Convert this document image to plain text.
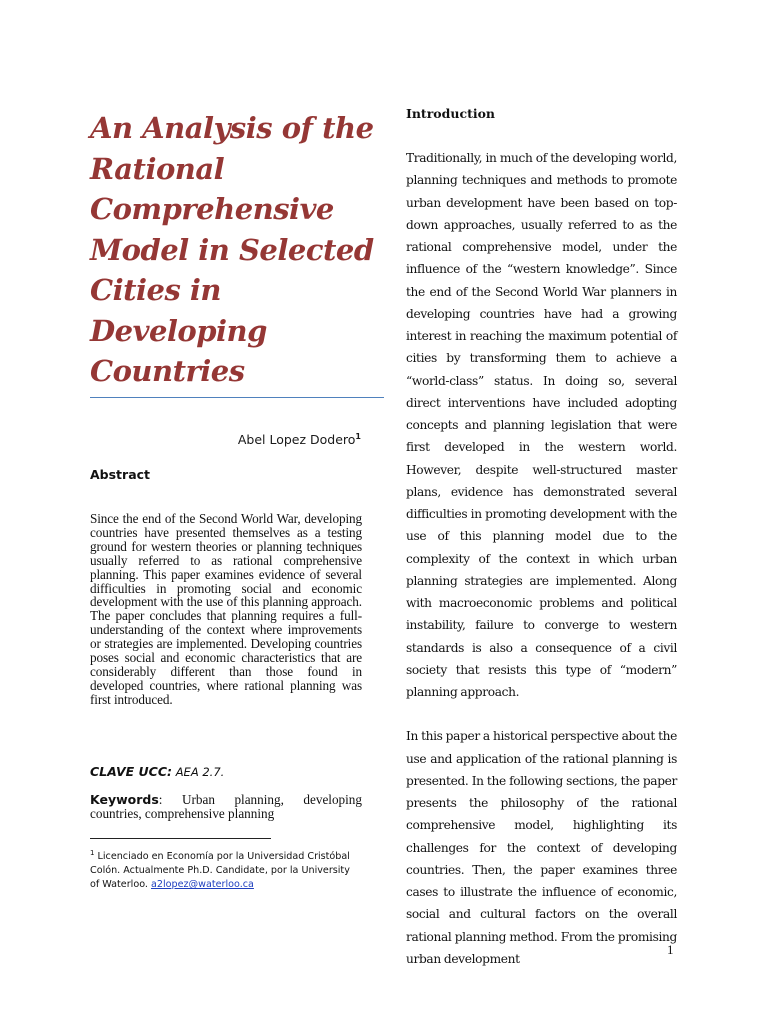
An Analysis of the Rational Comprehensive Model in Selected Cities in Developing Countries
Abel Lopez Dodero$^1$
Abstract

Since the end of the Second World War, developing countries have presented themselves as a testing ground for western theories or planning techniques usually referred to as rational comprehensive planning. This paper examines evidence of several difficulties in promoting social and economic development with the use of this planning approach. The paper concludes that planning requires a full-understanding of the context where improvements or strategies are implemented. Developing countries poses social and economic characteristics that are considerably different than those found in developed countries, where rational planning was first introduced.

CLAVE UCC: AEA 2.7.

Keywords: Urban planning, developing countries, comprehensive planning

$^1$ Licenciado en Economía por la Universidad Cristóbal Colón. Actualmente Ph.D. Candidate, por la University of Waterloo. a2lopez@waterloo.ca

Introduction

Traditionally, in much of the developing world, planning techniques and methods to promote urban development have been based on top-down approaches, usually referred to as the rational comprehensive model, under the influence of the “western knowledge”. Since the end of the Second World War planners in developing countries have had a growing interest in reaching the maximum potential of cities by transforming them to achieve a “world-class” status. In doing so, several direct interventions have included adopting concepts and planning legislation that were first developed in the western world. However, despite well-structured master plans, evidence has demonstrated several difficulties in promoting development with the use of this planning model due to the complexity of the context in which urban planning strategies are implemented. Along with macroeconomic problems and political instability, failure to converge to western standards is also a consequence of a civil society that resists this type of “modern” planning approach.

In this paper a historical perspective about the use and application of the rational planning is presented. In the following sections, the paper presents the philosophy of the rational comprehensive model, highlighting its challenges for the context of developing countries. Then, the paper examines three cases to illustrate the influence of economic, social and cultural factors on the overall rational planning method. From the promising urban development

1
